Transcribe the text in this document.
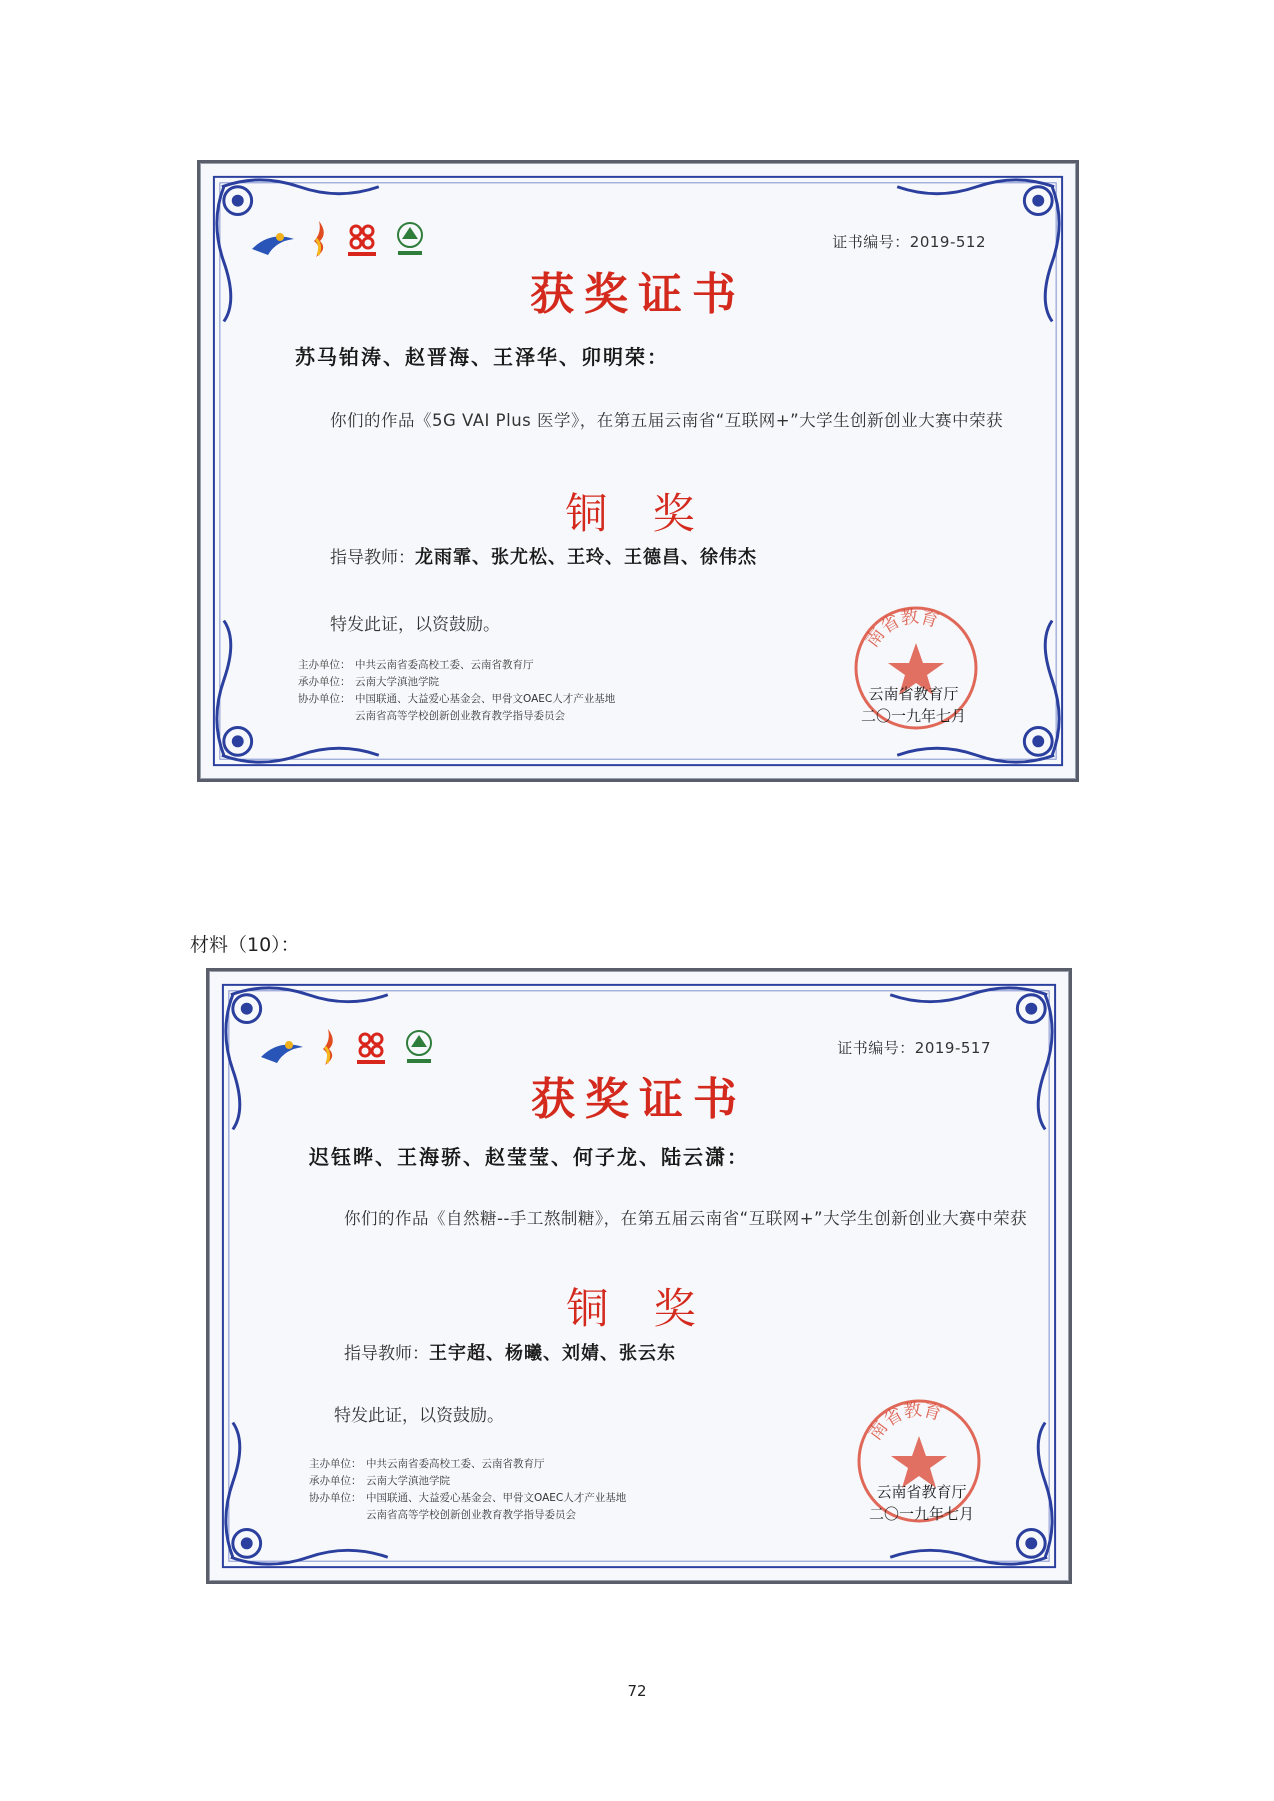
证书编号：2019-512
获奖证书
苏马铂涛、赵晋海、王泽华、卯明荣：
你们的作品《5G VAI Plus 医学》，在第五届云南省“互联网+”大学生创新创业大赛中荣获
铜 奖
指导教师：龙雨霏、张尤松、王玲、王德昌、徐伟杰
特发此证，以资鼓励。
主办单位： 中共云南省委高校工委、云南省教育厅
承办单位： 云南大学滇池学院
协办单位： 中国联通、大益爱心基金会、甲骨文OAEC人才产业基地
云南省高等学校创新创业教育教学指导委员会
南省教育
云南省教育厅
二〇一九年七月
材料（10）：
证书编号：2019-517
获奖证书
迟钰晔、王海骄、赵莹莹、何子龙、陆云潇：
你们的作品《自然糖--手工熬制糖》，在第五届云南省“互联网+”大学生创新创业大赛中荣获
铜 奖
指导教师：王宇超、杨曦、刘婧、张云东
特发此证，以资鼓励。
主办单位： 中共云南省委高校工委、云南省教育厅
承办单位： 云南大学滇池学院
协办单位： 中国联通、大益爱心基金会、甲骨文OAEC人才产业基地
云南省高等学校创新创业教育教学指导委员会
南省教育
云南省教育厅
二〇一九年七月
72
